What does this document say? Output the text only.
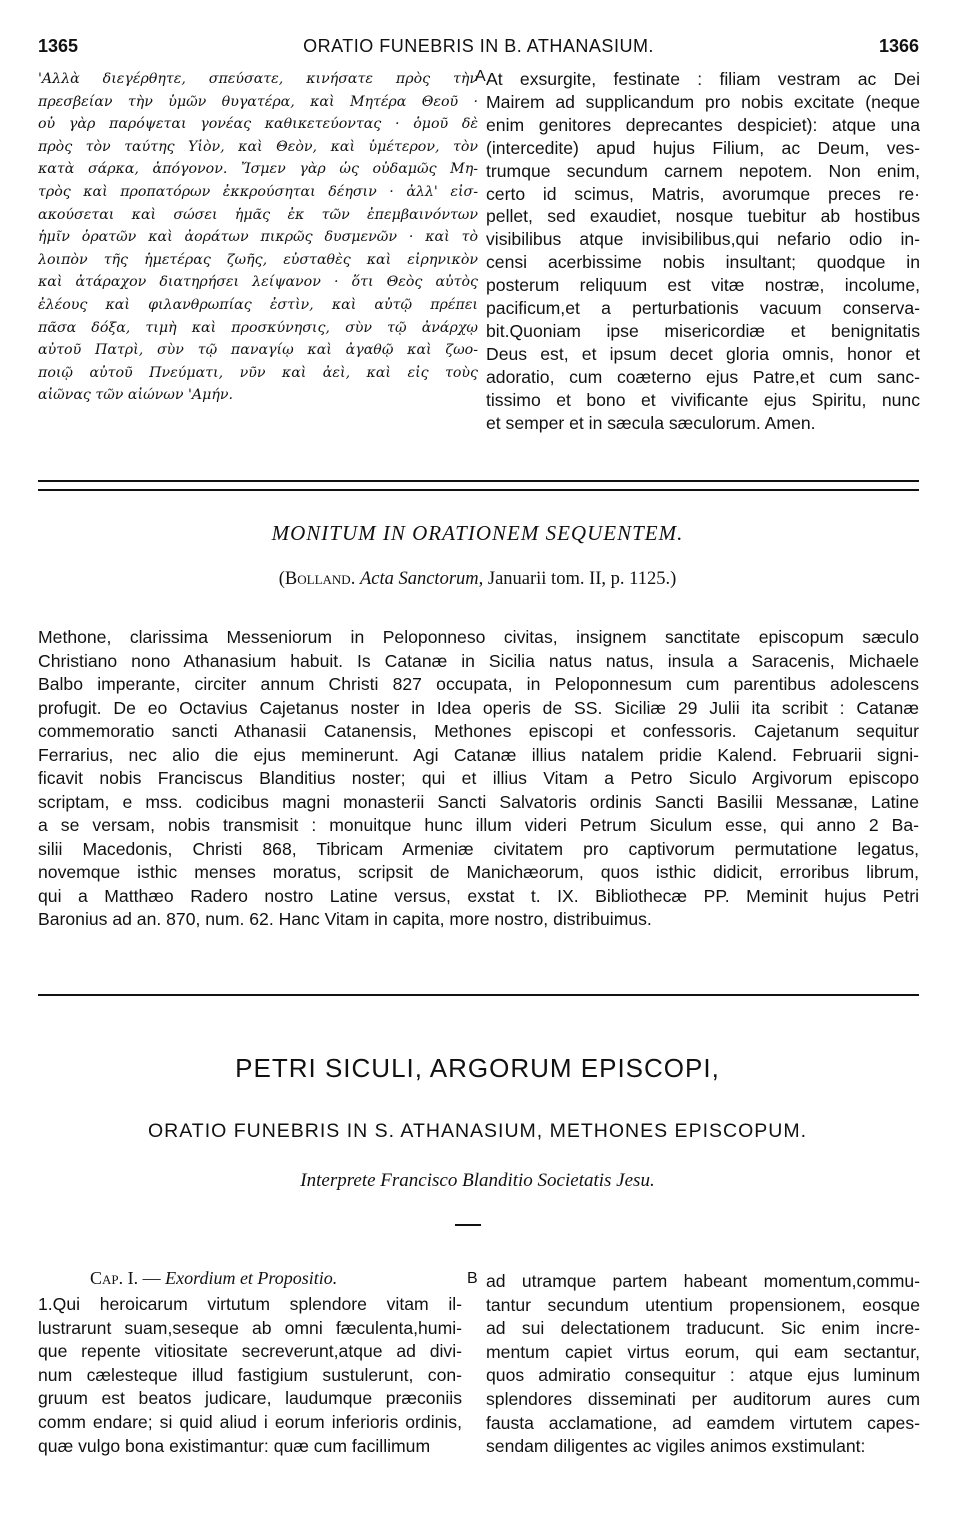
1365	ORATIO FUNEBRIS IN B. ATHANASIUM.	1366
'Αλλὰ διεγέρθητε, σπεύσατε, κινήσατε πρὸς τὴν
πρεσβείαν τὴν ὑμῶν θυγατέρα, καὶ Μητέρα Θεοῦ ·
οὐ γὰρ παρόψεται γονέας καθικετεύοντας · ὁμοῦ δὲ
πρὸς τὸν ταύτης Υἱὸν, καὶ Θεὸν, καὶ ὑμέτερον, τὸν
κατὰ σάρκα, ἀπόγονον. Ἴσμεν γὰρ ὡς οὐδαμῶς Μη-
τρὸς καὶ προπατόρων ἐκκρούσηται δέησιν · ἀλλ' εἰσ-
ακούσεται καὶ σώσει ἡμᾶς ἐκ τῶν ἐπεμβαινόντων
ἡμῖν ὁρατῶν καὶ ἀοράτων πικρῶς δυσμενῶν · καὶ τὸ
λοιπὸν τῆς ἡμετέρας ζωῆς, εὐσταθὲς καὶ εἰρηνικὸν
καὶ ἀτάραχον διατηρήσει λείψανον · ὅτι Θεὸς αὐτὸς
ἐλέους καὶ φιλανθρωπίας ἐστὶν, καὶ αὐτῷ πρέπει
πᾶσα δόξα, τιμὴ καὶ προσκύνησις, σὺν τῷ ἀνάρχῳ
αὐτοῦ Πατρὶ, σὺν τῷ παναγίῳ καὶ ἀγαθῷ καὶ ζωο-
ποιῷ αὐτοῦ Πνεύματι, νῦν καὶ ἀεὶ, καὶ εἰς τοὺς
αἰῶνας τῶν αἰώνων 'Αμήν.
A At exsurgite, festinate : filiam vestram ac Dei
Mairem ad supplicandum pro nobis excitate (neque
enim genitores deprecantes despiciet): atque una
(intercedite) apud hujus Filium, ac Deum, ves-
trumque secundum carnem nepotem. Non enim,
certo id scimus, Matris, avorumque preces re·
pellet, sed exaudiet, nosque tuebitur ab hostibus
visibilibus atque invisibilibus,qui nefario odio in-
censi acerbissime nobis insultant; quodque in
posterum reliquum est vitæ nostræ, incolume,
pacificum,et a perturbationis vacuum conserva-
bit.Quoniam ipse misericordiæ et benignitatis
Deus est, et ipsum decet gloria omnis, honor et
adoratio, cum coæterno ejus Patre,et cum sanc-
tissimo et bono et vivificante ejus Spiritu, nunc
et semper et in sæcula sæculorum. Amen.
MONITUM IN ORATIONEM SEQUENTEM.
(Bolland. Acta Sanctorum, Januarii tom. II, p. 1125.)
Methone, clarissima Messeniorum in Peloponneso civitas, insignem sanctitate episcopum sæculo
Christiano nono Athanasium habuit. Is Catanæ in Sicilia natus natus, insula a Saracenis, Michaele
Balbo imperante, circiter annum Christi 827 occupata, in Peloponnesum cum parentibus adolescens
profugit. De eo Octavius Cajetanus noster in Idea operis de SS. Siciliæ 29 Julii ita scribit : Catanæ
commemoratio sancti Athanasii Catanensis, Methones episcopi et confessoris. Cajetanum sequitur
Ferrarius, nec alio die ejus meminerunt. Agi Catanæ illius natalem pridie Kalend. Februarii signi-
ficavit nobis Franciscus Blanditius noster; qui et illius Vitam a Petro Siculo Argivorum episcopo
scriptam, e mss. codicibus magni monasterii Sancti Salvatoris ordinis Sancti Basilii Messanæ, Latine
a se versam, nobis transmisit : monuitque hunc illum videri Petrum Siculum esse, qui anno 2 Ba-
silii Macedonis, Christi 868, Tibricam Armeniæ civitatem pro captivorum permutatione legatus,
novemque isthic menses moratus, scripsit de Manichæorum, quos isthic didicit, erroribus librum,
qui a Matthæo Radero nostro Latine versus, exstat t. IX. Bibliothecæ PP. Meminit hujus Petri
Baronius ad an. 870, num. 62. Hanc Vitam in capita, more nostro, distribuimus.
PETRI SICULI, ARGORUM EPISCOPI,
ORATIO FUNEBRIS IN S. ATHANASIUM, METHONES EPISCOPUM.
Interprete Francisco Blanditio Societatis Jesu.
Cap. I. — Exordium et Propositio.	B
1.Qui heroicarum virtutum splendore vitam il-
lustrarunt suam,seseque ab omni fæculenta,humi-
que repente vitiositate secreverunt,atque ad divi-
num cælesteque illud fastigium sustulerunt, con-
gruum est beatos judicare, laudumque præconiis
comm endare; si quid aliud i eorum inferioris ordinis,
quæ vulgo bona existimantur: quæ cum facillimum
ad utramque partem habeant momentum,commu-
tantur secundum utentium propensionem, eosque
ad sui delectationem traducunt. Sic enim incre-
mentum capiet virtus eorum, qui eam sectantur,
quos admiratio consequitur : atque ejus luminum
splendores disseminati per auditorum aures cum
fausta acclamatione, ad eamdem virtutem capes-
sendam diligentes ac vigiles animos exstimulant:
